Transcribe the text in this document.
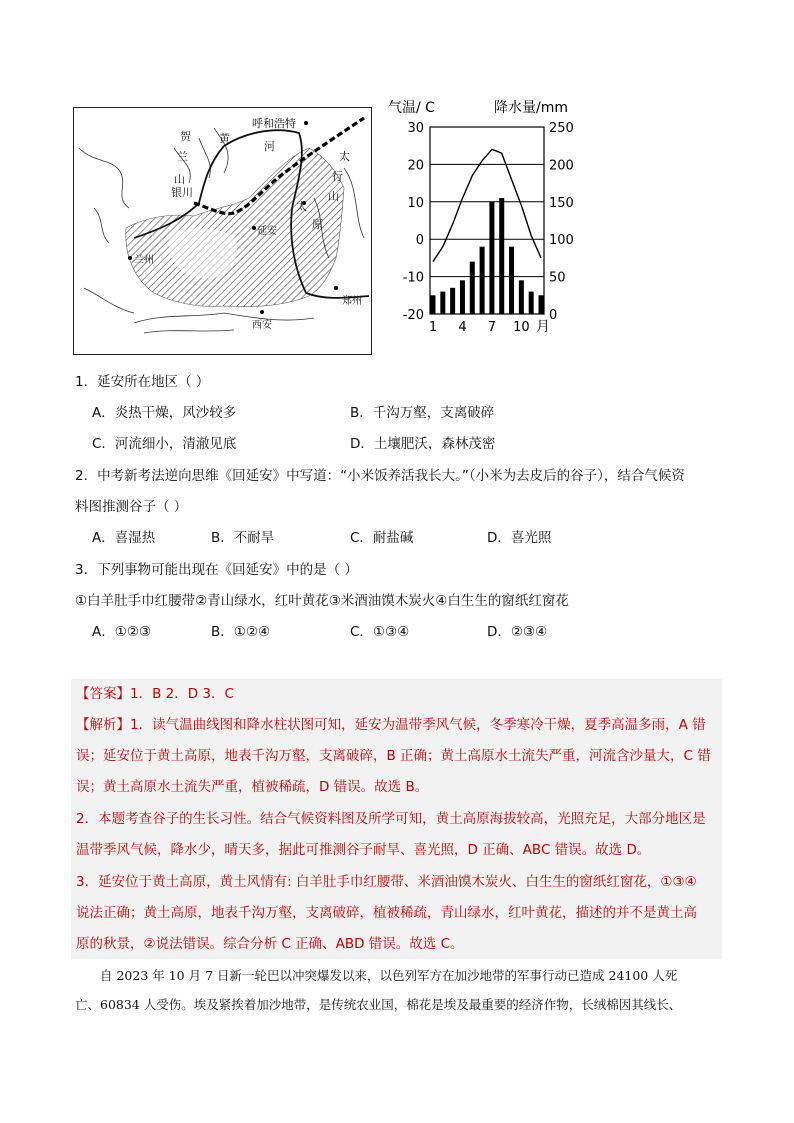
呼和浩特
贺
兰
山
银川
黄
河
太
行
山
太
原
延安
兰州
西安
郑州
气温/ C	降水量/mm
30
20
10
0
-10
-20
250
200
150
100
50
0
1 4 7 10 月
1．延安所在地区（ ）
A．炎热干燥，风沙较多	B．千沟万壑，支离破碎
C．河流细小，清澈见底	D．土壤肥沃，森林茂密
2．中考新考法逆向思维《回延安》中写道：“小米饭养活我长大。”（小米为去皮后的谷子），结合气候资
料图推测谷子（ ）
A．喜湿热	B．不耐旱	C．耐盐碱	D．喜光照
3．下列事物可能出现在《回延安》中的是（ ）
①白羊肚手巾红腰带②青山绿水，红叶黄花③米酒油馍木炭火④白生生的窗纸红窗花
A．①②③	B．①②④	C．①③④	D．②③④
【答案】1．B 2．D 3．C
【解析】1．读气温曲线图和降水柱状图可知，延安为温带季风气候，冬季寒冷干燥，夏季高温多雨，A 错
误；延安位于黄土高原，地表千沟万壑，支离破碎，B 正确；黄土高原水土流失严重，河流含沙量大，C 错
误；黄土高原水土流失严重，植被稀疏，D 错误。故选 B。
2．本题考查谷子的生长习性。结合气候资料图及所学可知，黄土高原海拔较高，光照充足，大部分地区是
温带季风气候，降水少，晴天多，据此可推测谷子耐旱、喜光照，D 正确、ABC 错误。故选 D。
3．延安位于黄土高原，黄土风情有: 白羊肚手巾红腰带、米酒油馍木炭火、白生生的窗纸红窗花，①③④
说法正确；黄土高原，地表千沟万壑，支离破碎，植被稀疏，青山绿水，红叶黄花，描述的并不是黄土高
原的秋景，②说法错误。综合分析 C 正确、ABD 错误。故选 C。
自 2023 年 10 月 7 日新一轮巴以冲突爆发以来，以色列军方在加沙地带的军事行动已造成 24100 人死
亡、60834 人受伤。埃及紧挨着加沙地带，是传统农业国，棉花是埃及最重要的经济作物，长绒棉因其线长、
